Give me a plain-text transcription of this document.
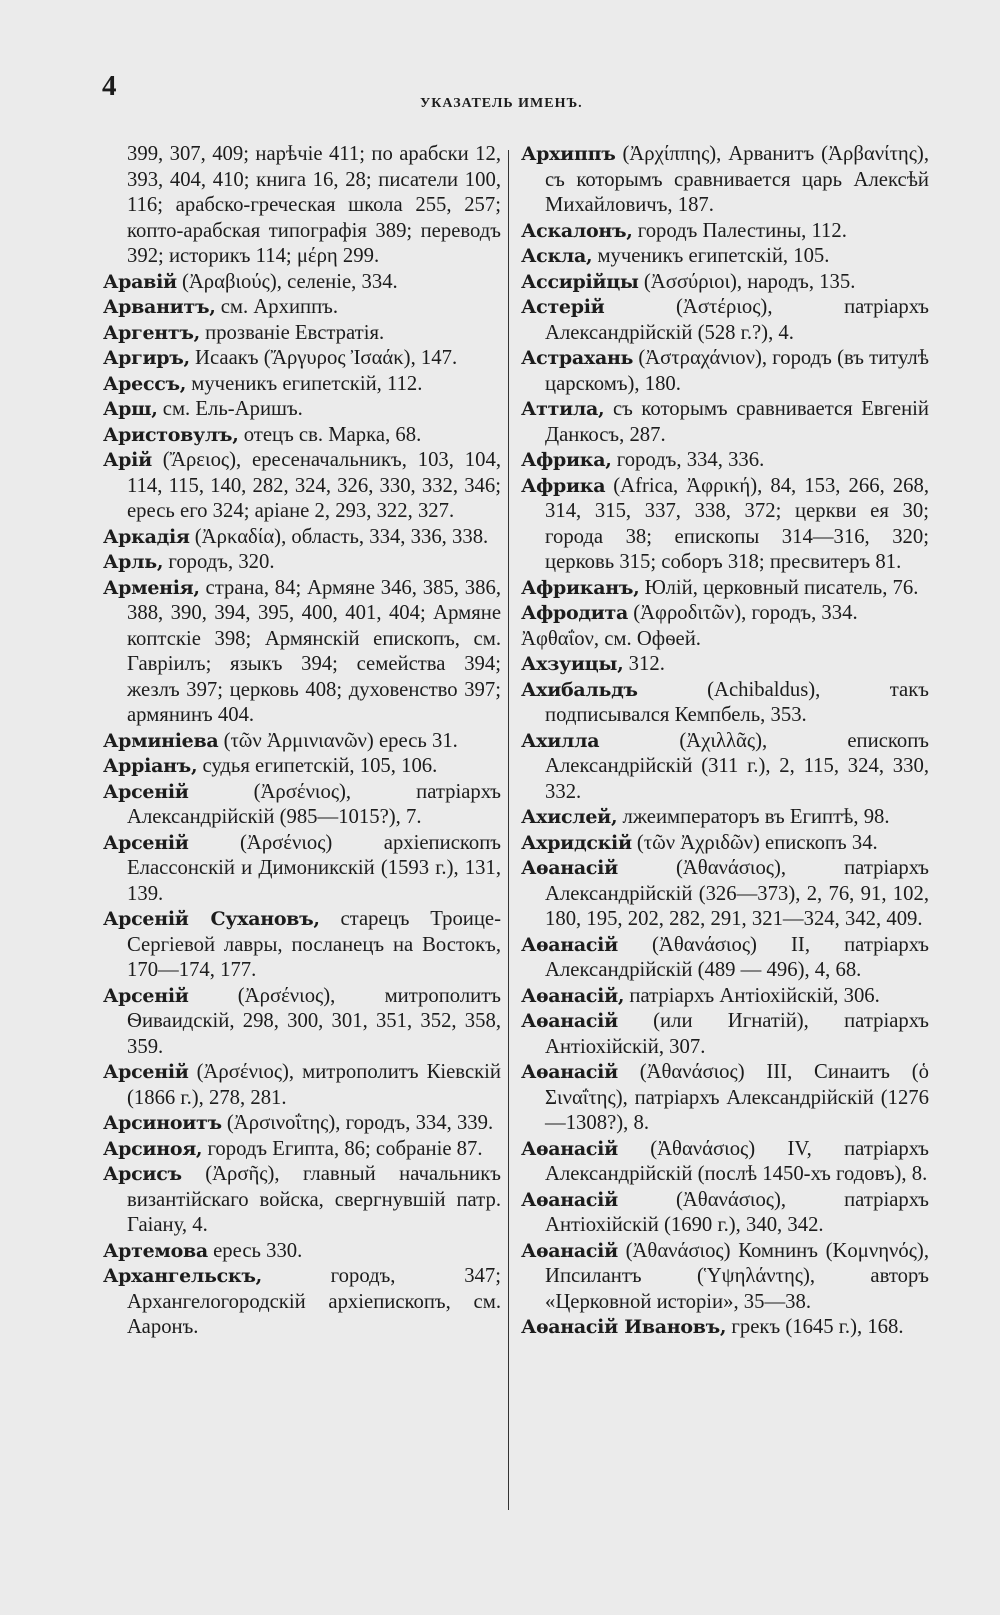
4
УКАЗАТЕЛЬ ИМЕНЪ.
399, 307, 409; нарѣчіе 411; по арабски 12, 393, 404, 410; книга 16, 28; писатели 100, 116; арабско-греческая школа 255, 257; копто-арабская типографія 389; переводъ 392; историкъ 114; μέρη 299.
Аравій (Ἀραβιούς), селеніе, 334.
Арванитъ, см. Архиппъ.
Аргентъ, прозваніе Евстратія.
Аргиръ, Исаакъ (Ἄργυρος Ἰσαάκ), 147.
Арессъ, мученикъ египетскій, 112.
Арш, см. Ель-Аришъ.
Аристовулъ, отецъ св. Марка, 68.
Арій (Ἄρειος), ересеначальникъ, 103, 104, 114, 115, 140, 282, 324, 326, 330, 332, 346; ересь его 324; аріане 2, 293, 322, 327.
Аркадія (Ἀρκαδία), область, 334, 336, 338.
Арль, городъ, 320.
Арменія, страна, 84; Армяне 346, 385, 386, 388, 390, 394, 395, 400, 401, 404; Армяне коптскіе 398; Армянскій епископъ, см. Гавріилъ; языкъ 394; семейства 394; жезлъ 397; церковь 408; духовенство 397; армянинъ 404.
Арминіева (τῶν Ἀρμινιανῶν) ересь 31.
Арріанъ, судья египетскій, 105, 106.
Арсеній (Ἀρσένιος), патріархъ Александрійскій (985—1015?), 7.
Арсеній (Ἀρσένιος) архіепископъ Елассонскій и Димоникскій (1593 г.), 131, 139.
Арсеній Сухановъ, старецъ Троице-Сергіевой лавры, посланецъ на Востокъ, 170—174, 177.
Арсеній (Ἀρσένιος), митрополитъ Ѳиваидскій, 298, 300, 301, 351, 352, 358, 359.
Арсеній (Ἀρσένιος), митрополитъ Кіевскій (1866 г.), 278, 281.
Арсиноитъ (Ἀρσινοΐτης), городъ, 334, 339.
Арсиноя, городъ Египта, 86; собраніе 87.
Арсисъ (Ἀρσῆς), главный начальникъ византійскаго войска, свергнувшій патр. Гаіану, 4.
Артемова ересь 330.
Архангельскъ, городъ, 347; Архангелогородскій архіепископъ, см. Ааронъ.
Архиппъ (Ἀρχίππης), Арванитъ (Ἀρβανίτης), съ которымъ сравнивается царь Алексѣй Михайловичъ, 187.
Аскалонъ, городъ Палестины, 112.
Аскла, мученикъ египетскій, 105.
Ассирійцы (Ἀσσύριοι), народъ, 135.
Астерій (Ἀστέριος), патріархъ Александрійскій (528 г.?), 4.
Астрахань (Ἀστραχάνιον), городъ (въ титулѣ царскомъ), 180.
Аттила, съ которымъ сравнивается Евгеній Данкосъ, 287.
Африка, городъ, 334, 336.
Африка (Africa, Ἀφρική), 84, 153, 266, 268, 314, 315, 337, 338, 372; церкви ея 30; города 38; епископы 314—316, 320; церковь 315; соборъ 318; пресвитеръ 81.
Африканъ, Юлій, церковный писатель, 76.
Афродита (Ἀφροδιτῶν), городъ, 334.
Ἀφθαΐον, см. Офѳей.
Ахзуицы, 312.
Ахибальдъ (Achibaldus), такъ подписывался Кемпбель, 353.
Ахилла (Ἀχιλλᾶς), епископъ Александрійскій (311 г.), 2, 115, 324, 330, 332.
Ахислей, лжеимператоръ въ Египтѣ, 98.
Ахридскій (τῶν Ἀχριδῶν) епископъ 34.
Аѳанасій (Ἀθανάσιος), патріархъ Александрійскій (326—373), 2, 76, 91, 102, 180, 195, 202, 282, 291, 321—324, 342, 409.
Аѳанасій (Ἀθανάσιος) II, патріархъ Александрійскій (489 — 496), 4, 68.
Аѳанасій, патріархъ Антіохійскій, 306.
Аѳанасій (или Игнатій), патріархъ Антіохійскій, 307.
Аѳанасій (Ἀθανάσιος) III, Синаитъ (ὁ Σιναΐτης), патріархъ Александрійскій (1276—1308?), 8.
Аѳанасій (Ἀθανάσιος) IV, патріархъ Александрійскій (послѣ 1450-хъ годовъ), 8.
Аѳанасій (Ἀθανάσιος), патріархъ Антіохійскій (1690 г.), 340, 342.
Аѳанасій (Ἀθανάσιος) Комнинъ (Κομνηνός), Ипсилантъ (Ὑψηλάντης), авторъ «Церковной исторіи», 35—38.
Аѳанасій Ивановъ, грекъ (1645 г.), 168.
